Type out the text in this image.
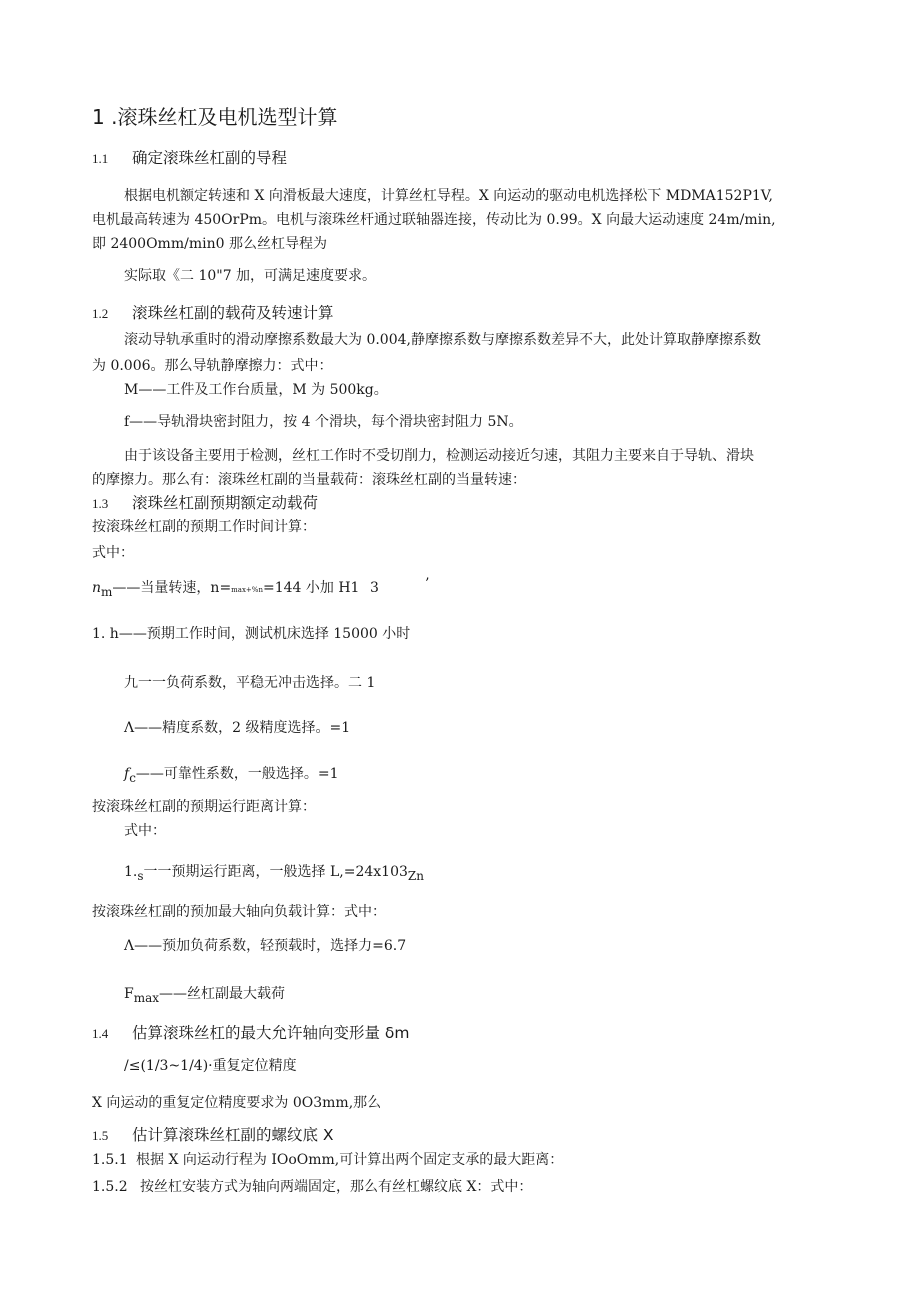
1 .滚珠丝杠及电机选型计算
1.1 确定滚珠丝杠副的导程
根据电机额定转速和 X 向滑板最大速度，计算丝杠导程。X 向运动的驱动电机选择松下 MDMA152P1V,
电机最高转速为 450OrPm。电机与滚珠丝杆通过联轴器连接，传动比为 0.99。X 向最大运动速度 24m/min,
即 2400Omm/min0 那么丝杠导程为
实际取《二 10"7 加，可满足速度要求。
1.2 滚珠丝杠副的载荷及转速计算
滚动导轨承重时的滑动摩擦系数最大为 0.004,静摩擦系数与摩擦系数差异不大，此处计算取静摩擦系数
为 0.006。那么导轨静摩擦力：式中：
M——工件及工作台质量，M 为 500kg。
f——导轨滑块密封阻力，按 4 个滑块，每个滑块密封阻力 5N。
由于该设备主要用于检测，丝杠工作时不受切削力，检测运动接近匀速，其阻力主要来自于导轨、滑块
的摩擦力。那么有：滚珠丝杠副的当量载荷：滚珠丝杠副的当量转速：
1.3 滚珠丝杠副预期额定动载荷
按滚珠丝杠副的预期工作时间计算：
式中：
$n_m——$当量转速，n=max+%n=144 小加 H1 3	’
1. h——预期工作时间，测试机床选择 15000 小时
九一一负荷系数，平稳无冲击选择。二 1
Λ——精度系数，2 级精度选择。=1
$f_c——$可靠性系数，一般选择。=1
按滚珠丝杠副的预期运行距离计算：
式中：
$1._s$一一预期运行距离，一般选择 $L,=24x103_{Zn}$
按滚珠丝杠副的预加最大轴向负载计算：式中：
Λ——预加负荷系数，轻预载时，选择力=6.7
$F_{max}——$丝杠副最大载荷
1.4 估算滚珠丝杠的最大允许轴向变形量 δm
/≤(1/3~1/4)·重复定位精度
X 向运动的重复定位精度要求为 0O3mm,那么
1.5 估计算滚珠丝杠副的螺纹底 X
1.5.1 根据 X 向运动行程为 IOoOmm,可计算出两个固定支承的最大距离：
1.5.2 按丝杠安装方式为轴向两端固定，那么有丝杠螺纹底 X：式中：
